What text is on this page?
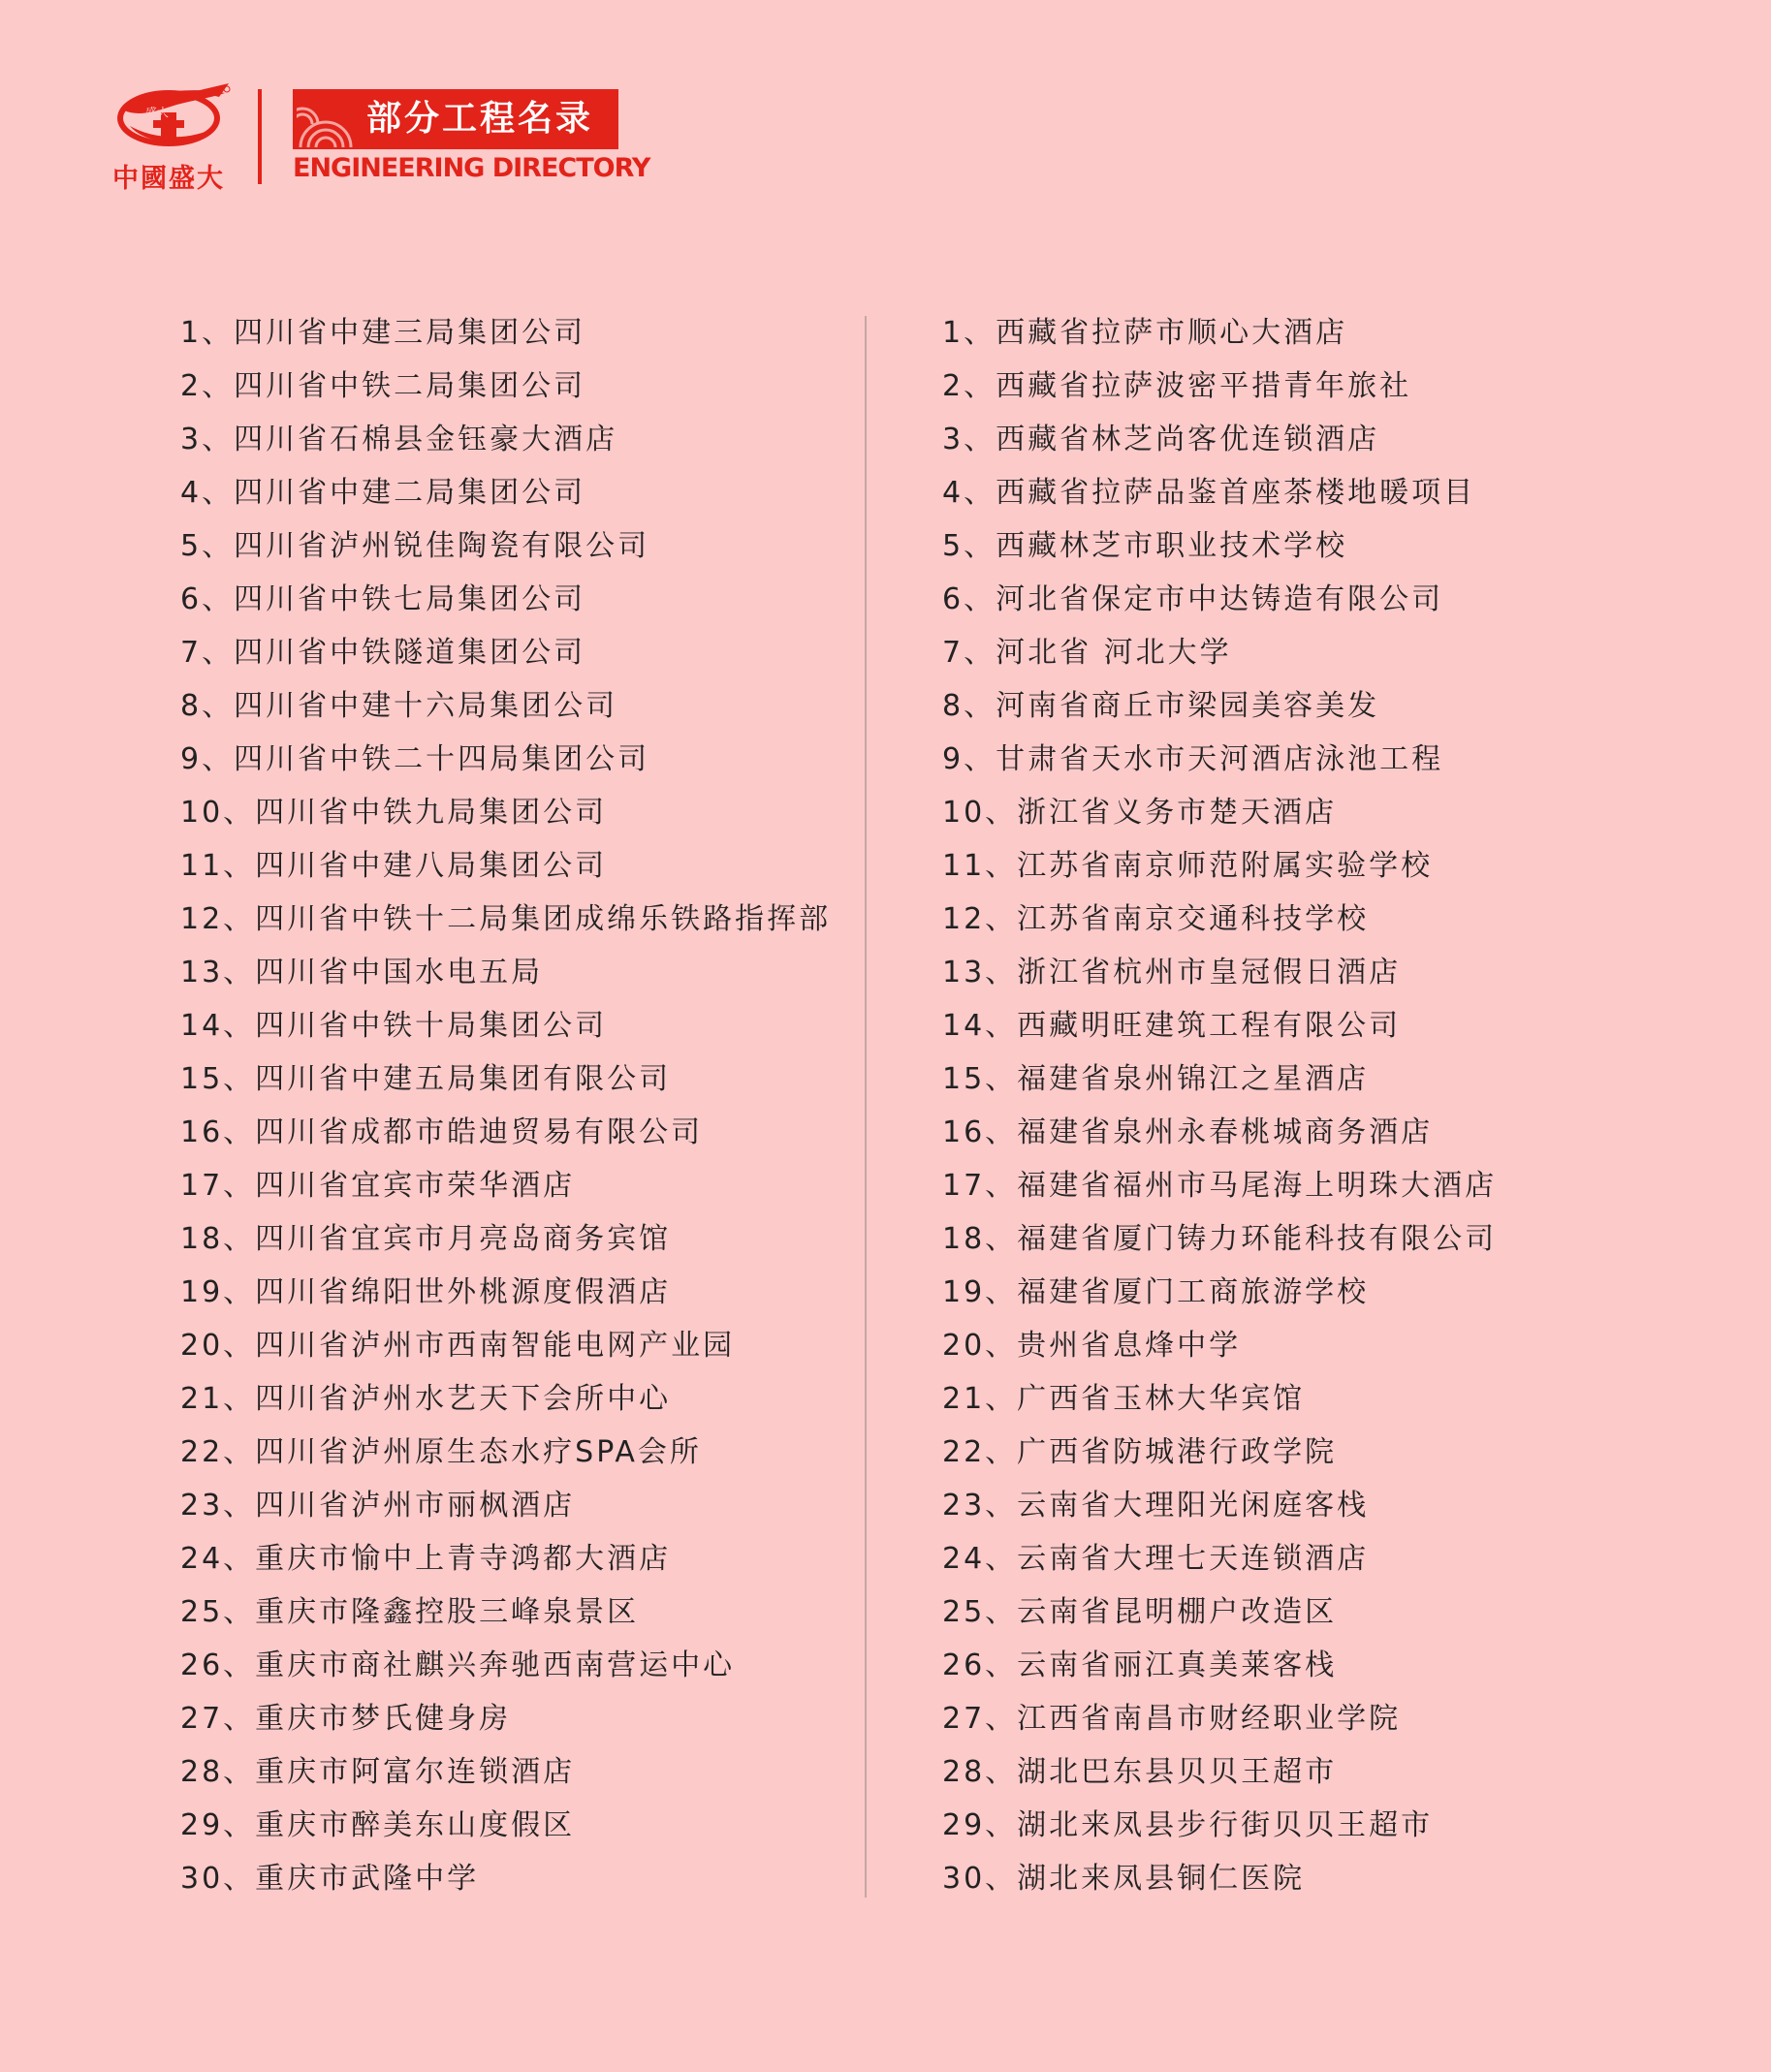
盛大
中國盛大
部分工程名录
ENGINEERING DIRECTORY
1、四川省中建三局集团公司
2、四川省中铁二局集团公司
3、四川省石棉县金钰豪大酒店
4、四川省中建二局集团公司
5、四川省泸州锐佳陶瓷有限公司
6、四川省中铁七局集团公司
7、四川省中铁隧道集团公司
8、四川省中建十六局集团公司
9、四川省中铁二十四局集团公司
10、四川省中铁九局集团公司
11、四川省中建八局集团公司
12、四川省中铁十二局集团成绵乐铁路指挥部
13、四川省中国水电五局
14、四川省中铁十局集团公司
15、四川省中建五局集团有限公司
16、四川省成都市皓迪贸易有限公司
17、四川省宜宾市荣华酒店
18、四川省宜宾市月亮岛商务宾馆
19、四川省绵阳世外桃源度假酒店
20、四川省泸州市西南智能电网产业园
21、四川省泸州水艺天下会所中心
22、四川省泸州原生态水疗SPA会所
23、四川省泸州市丽枫酒店
24、重庆市愉中上青寺鸿都大酒店
25、重庆市隆鑫控股三峰泉景区
26、重庆市商社麒兴奔驰西南营运中心
27、重庆市梦氏健身房
28、重庆市阿富尔连锁酒店
29、重庆市醉美东山度假区
30、重庆市武隆中学
1、西藏省拉萨市顺心大酒店
2、西藏省拉萨波密平措青年旅社
3、西藏省林芝尚客优连锁酒店
4、西藏省拉萨品鉴首座茶楼地暖项目
5、西藏林芝市职业技术学校
6、河北省保定市中达铸造有限公司
7、河北省 河北大学
8、河南省商丘市梁园美容美发
9、甘肃省天水市天河酒店泳池工程
10、浙江省义务市楚天酒店
11、江苏省南京师范附属实验学校
12、江苏省南京交通科技学校
13、浙江省杭州市皇冠假日酒店
14、西藏明旺建筑工程有限公司
15、福建省泉州锦江之星酒店
16、福建省泉州永春桃城商务酒店
17、福建省福州市马尾海上明珠大酒店
18、福建省厦门铸力环能科技有限公司
19、福建省厦门工商旅游学校
20、贵州省息烽中学
21、广西省玉林大华宾馆
22、广西省防城港行政学院
23、云南省大理阳光闲庭客栈
24、云南省大理七天连锁酒店
25、云南省昆明棚户改造区
26、云南省丽江真美莱客栈
27、江西省南昌市财经职业学院
28、湖北巴东县贝贝王超市
29、湖北来凤县步行街贝贝王超市
30、湖北来凤县铜仁医院
